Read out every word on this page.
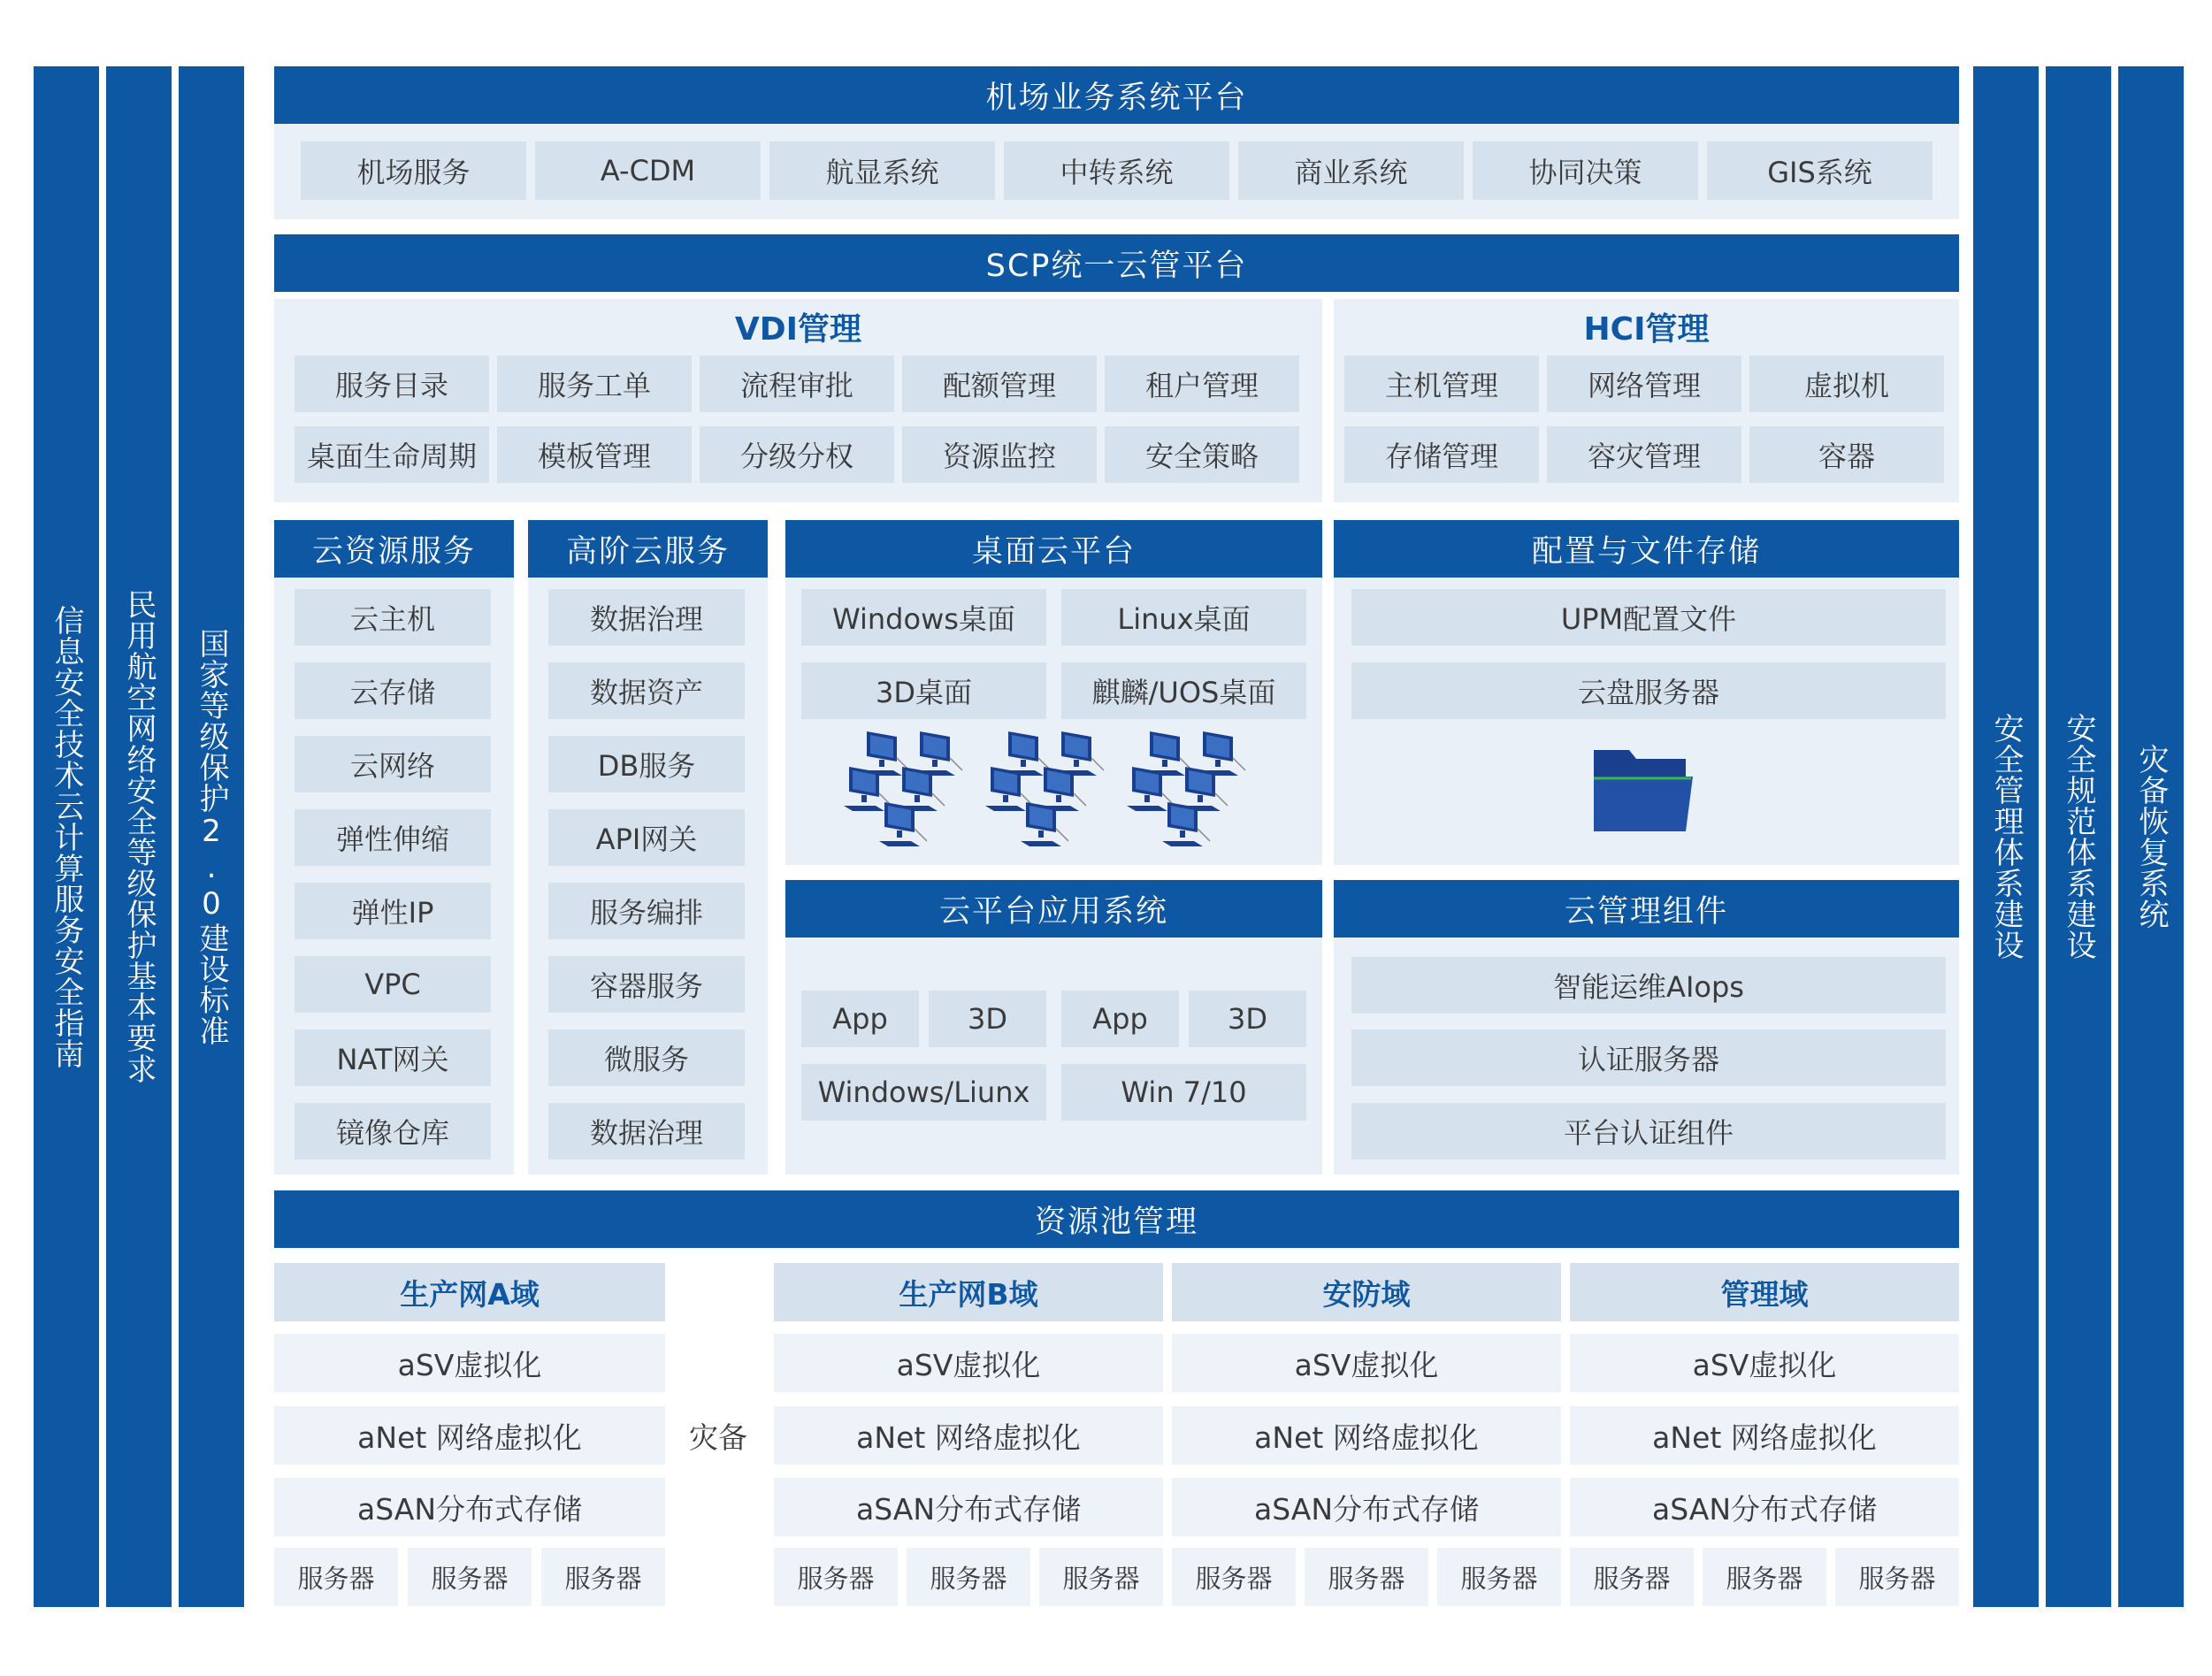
信息安全技术云计算服务安全指南 民用航空网络安全等级保护基本要求 国家等级保护2.0建设标准	安全管理体系建设 安全规范体系建设 灾备恢复系统
机场业务系统平台
机场服务	A-CDM	航显系统	中转系统	商业系统	协同决策	GIS系统
SCP统一云管平台
VDI管理
服务目录	服务工单	流程审批	配额管理	租户管理
桌面生命周期	模板管理	分级分权	资源监控	安全策略
HCI管理
主机管理	网络管理	虚拟机
存储管理	容灾管理	容器
云资源服务
云主机
云存储
云网络
弹性伸缩
弹性IP
VPC
NAT网关
镜像仓库
高阶云服务
数据治理
数据资产
DB服务
API网关
服务编排
容器服务
微服务
数据治理
桌面云平台
Windows桌面	Linux桌面
3D桌面	麒麟/UOS桌面
配置与文件存储
UPM配置文件
云盘服务器
云平台应用系统
App	3D	App	3D
Windows/Liunx	Win 7/10
云管理组件
智能运维AIops
认证服务器
平台认证组件
资源池管理
生产网A域
aSV虚拟化
aNet 网络虚拟化
aSAN分布式存储
服务器	服务器	服务器
灾备
生产网B域
aSV虚拟化
aNet 网络虚拟化
aSAN分布式存储
服务器	服务器	服务器
安防域
aSV虚拟化
aNet 网络虚拟化
aSAN分布式存储
服务器	服务器	服务器
管理域
aSV虚拟化
aNet 网络虚拟化
aSAN分布式存储
服务器	服务器	服务器
